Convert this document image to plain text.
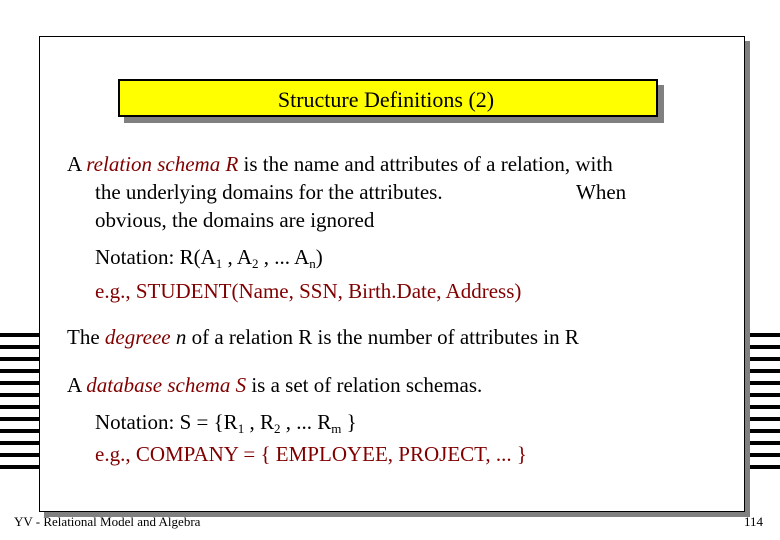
Structure Definitions (2)
A relation schema R is the name and attributes of a relation, with
the underlying domains for the attributes.	When
obvious, the domains are ignored
Notation: $R(A_1$ , $A_2$ , ... $A_n$)
e.g., STUDENT(Name, SSN, Birth.Date, Address)
The degreee n of a relation R is the number of attributes in R
A database schema S is a set of relation schemas.
Notation: $S = \{R_1$ , $R_2$ , ... $R_m$ }
e.g., COMPANY = { EMPLOYEE, PROJECT, ... }
YV - Relational Model and Algebra	114
